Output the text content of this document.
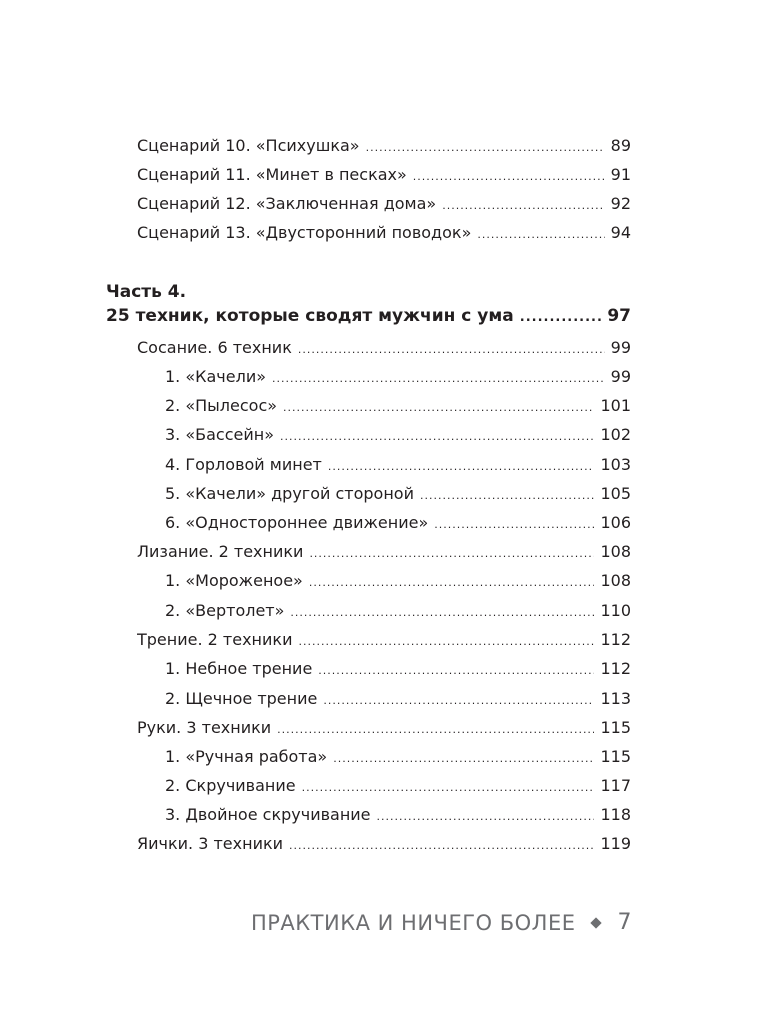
Сценарий 10. «Психушка» .....	89
Сценарий 11. «Минет в песках» .....	91
Сценарий 12. «Заключенная дома» .....	92
Сценарий 13. «Двусторонний поводок» .....	94
Часть 4.
25 техник, которые сводят мужчин с ума .....	97
Сосание. 6 техник .....	99
1. «Качели» .....	99
2. «Пылесос» .....	101
3. «Бассейн» .....	102
4. Горловой минет .....	103
5. «Качели» другой стороной .....	105
6. «Одностороннее движение» .....	106
Лизание. 2 техники .....	108
1. «Мороженое» .....	108
2. «Вертолет» .....	110
Трение. 2 техники .....	112
1. Небное трение .....	112
2. Щечное трение .....	113
Руки. 3 техники .....	115
1. «Ручная работа» .....	115
2. Скручивание .....	117
3. Двойное скручивание .....	118
Яички. 3 техники .....	119
ПРАКТИКА И НИЧЕГО БОЛЕЕ 7
